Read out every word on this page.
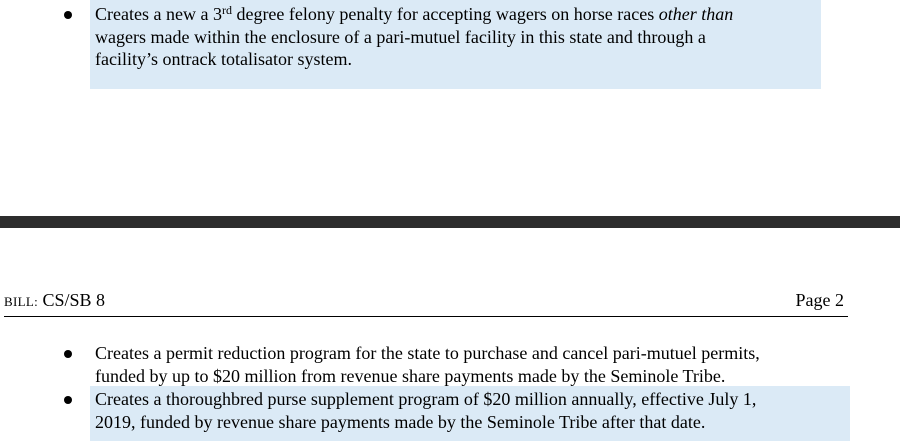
Creates a new a 3rd degree felony penalty for accepting wagers on horse races other than
wagers made within the enclosure of a pari-mutuel facility in this state and through a
facility’s ontrack totalisator system.
BILL: CS/SB 8	Page 2
Creates a permit reduction program for the state to purchase and cancel pari-mutuel permits,
funded by up to $20 million from revenue share payments made by the Seminole Tribe.
Creates a thoroughbred purse supplement program of $20 million annually, effective July 1,
2019, funded by revenue share payments made by the Seminole Tribe after that date.
